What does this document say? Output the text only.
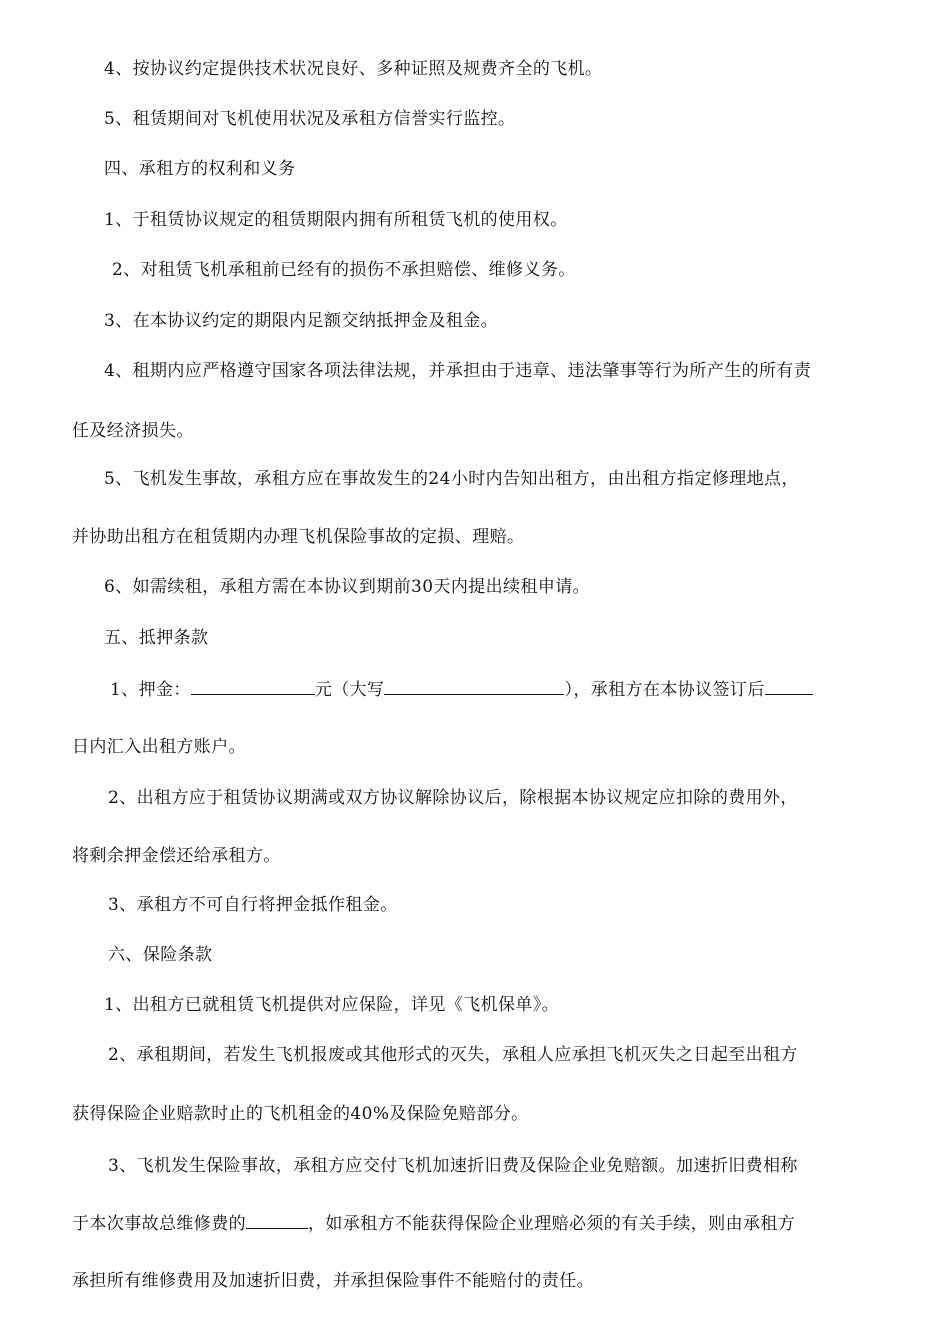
4、按协议约定提供技术状况良好、多种证照及规费齐全的飞机。
5、租赁期间对飞机使用状况及承租方信誉实行监控。
四、承租方的权利和义务
1、于租赁协议规定的租赁期限内拥有所租赁飞机的使用权。
2、对租赁飞机承租前已经有的损伤不承担赔偿、维修义务。
3、在本协议约定的期限内足额交纳抵押金及租金。
4、租期内应严格遵守国家各项法律法规，并承担由于违章、违法肇事等行为所产生的所有责
任及经济损失。
5、飞机发生事故，承租方应在事故发生的24小时内告知出租方，由出租方指定修理地点，
并协助出租方在租赁期内办理飞机保险事故的定损、理赔。
6、如需续租，承租方需在本协议到期前30天内提出续租申请。
五、抵押条款
1、押金：	元（大写	），承租方在本协议签订后
日内汇入出租方账户。
2、出租方应于租赁协议期满或双方协议解除协议后，除根据本协议规定应扣除的费用外，
将剩余押金偿还给承租方。
3、承租方不可自行将押金抵作租金。
六、保险条款
1、出租方已就租赁飞机提供对应保险，详见《飞机保单》。
2、承租期间，若发生飞机报废或其他形式的灭失，承租人应承担飞机灭失之日起至出租方
获得保险企业赔款时止的飞机租金的40%及保险免赔部分。
3、飞机发生保险事故，承租方应交付飞机加速折旧费及保险企业免赔额。加速折旧费相称
于本次事故总维修费的	，如承租方不能获得保险企业理赔必须的有关手续，则由承租方
承担所有维修费用及加速折旧费，并承担保险事件不能赔付的责任。
